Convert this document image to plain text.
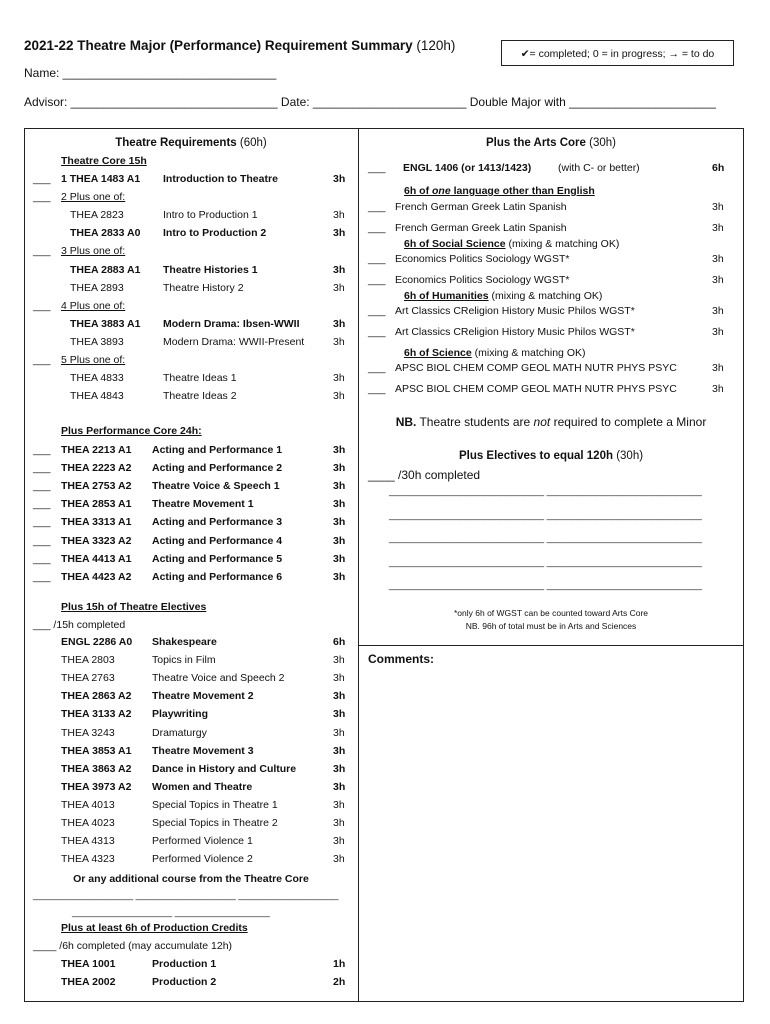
2021-22 Theatre Major (Performance) Requirement Summary (120h)
✔= completed; 0 = in progress; → = to do
Name: ________________________________
Advisor: _______________________________ Date: _______________________ Double Major with ______________________
Theatre Requirements (60h)
Theatre Core 15h
___ 1 THEA 1483 A1 Introduction to Theatre	3h
___ 2 Plus one of:
THEA 2823	Intro to Production 1	3h
THEA 2833 A0 Intro to Production 2	3h
___ 3 Plus one of:
THEA 2883 A1 Theatre Histories 1	3h
THEA 2893	Theatre History 2	3h
___ 4 Plus one of:
THEA 3883 A1 Modern Drama: Ibsen-WWII	3h
THEA 3893	Modern Drama: WWII-Present	3h
___ 5 Plus one of:
THEA 4833	Theatre Ideas 1	3h
THEA 4843	Theatre Ideas 2	3h
Plus Performance Core 24h:
___ THEA 2213 A1 Acting and Performance 1	3h
___ THEA 2223 A2 Acting and Performance 2	3h
___ THEA 2753 A2 Theatre Voice & Speech 1	3h
___ THEA 2853 A1 Theatre Movement 1	3h
___ THEA 3313 A1 Acting and Performance 3	3h
___ THEA 3323 A2 Acting and Performance 4	3h
___ THEA 4413 A1 Acting and Performance 5	3h
___ THEA 4423 A2 Acting and Performance 6	3h
Plus 15h of Theatre Electives
___ /15h completed
ENGL 2286 A0 Shakespeare	6h
THEA 2803	Topics in Film	3h
THEA 2763	Theatre Voice and Speech 2	3h
THEA 2863 A2 Theatre Movement 2	3h
THEA 3133 A2 Playwriting	3h
THEA 3243	Dramaturgy	3h
THEA 3853 A1 Theatre Movement 3	3h
THEA 3863 A2 Dance in History and Culture	3h
THEA 3973 A2 Women and Theatre	3h
THEA 4013	Special Topics in Theatre 1	3h
THEA 4023	Special Topics in Theatre 2	3h
THEA 4313	Performed Violence 1	3h
THEA 4323	Performed Violence 2	3h
Or any additional course from the Theatre Core
____________________ ____________________ ____________________
____________________ ___________________
Plus at least 6h of Production Credits
____ /6h completed (may accumulate 12h)
THEA 1001	Production 1	1h
THEA 2002	Production 2	2h
Plus the Arts Core (30h)
___ ENGL 1406 (or 1413/1423)	(with C- or better)	6h
6h of one language other than English
___ French German Greek Latin Spanish	3h
___ French German Greek Latin Spanish	3h
6h of Social Science (mixing & matching OK)
___ Economics Politics Sociology WGST*	3h
___ Economics Politics Sociology WGST*	3h
6h of Humanities (mixing & matching OK)
___ Art Classics CReligion History Music Philos WGST*	3h
___ Art Classics CReligion History Music Philos WGST*	3h
6h of Science (mixing & matching OK)
___ APSC BIOL CHEM COMP GEOL MATH NUTR PHYS PSYC	3h
___ APSC BIOL CHEM COMP GEOL MATH NUTR PHYS PSYC	3h
NB. Theatre students are not required to complete a Minor
Plus Electives to equal 120h (30h)
____ /30h completed
_______________________________ _______________________________
_______________________________ _______________________________
_______________________________ _______________________________
_______________________________ _______________________________
_______________________________ _______________________________
*only 6h of WGST can be counted toward Arts Core
NB. 96h of total must be in Arts and Sciences
Comments:
